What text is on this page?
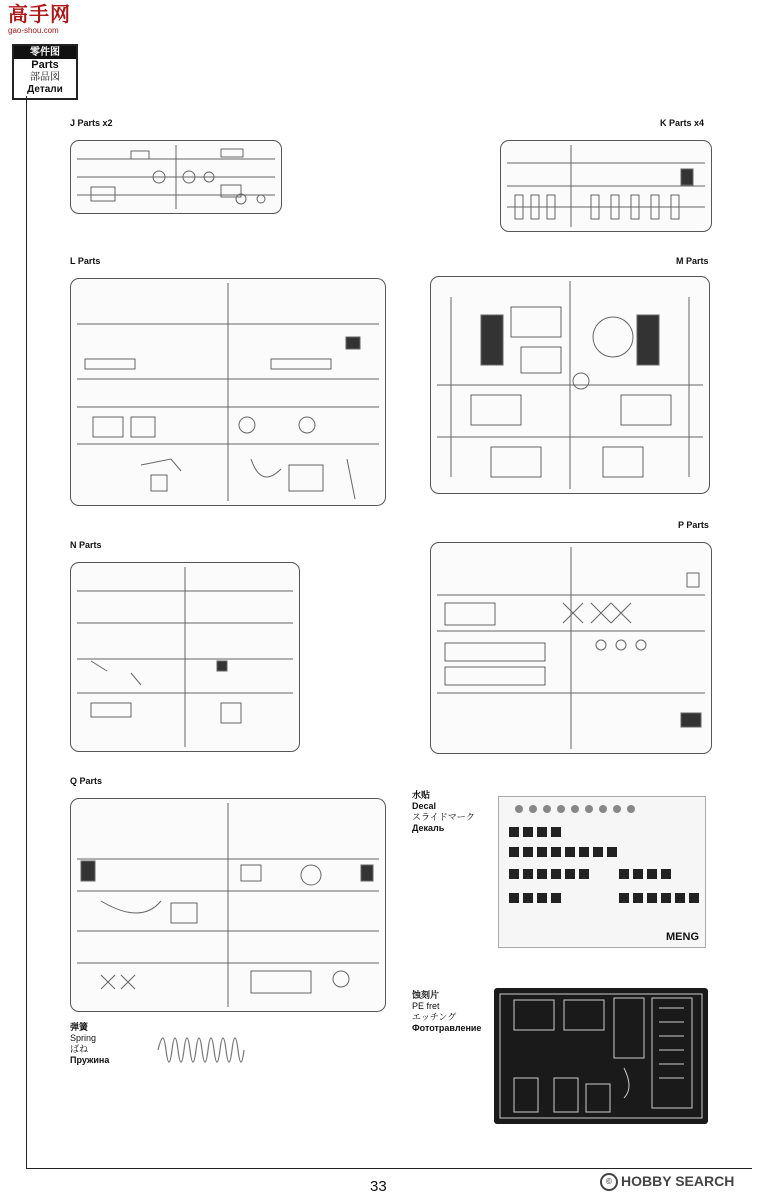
高手网
gao-shou.com
零件图
Parts
部品図
Детали
J Parts x2	K Parts x4
L Parts	M Parts
N Parts
P Parts
Q Parts
水贴
Decal
スライドマーク
Декаль
MENG
蚀刻片
PE fret
エッチング
Фототравление
弹簧
Spring
ばね
Пружина
33	© HOBBY SEARCH
